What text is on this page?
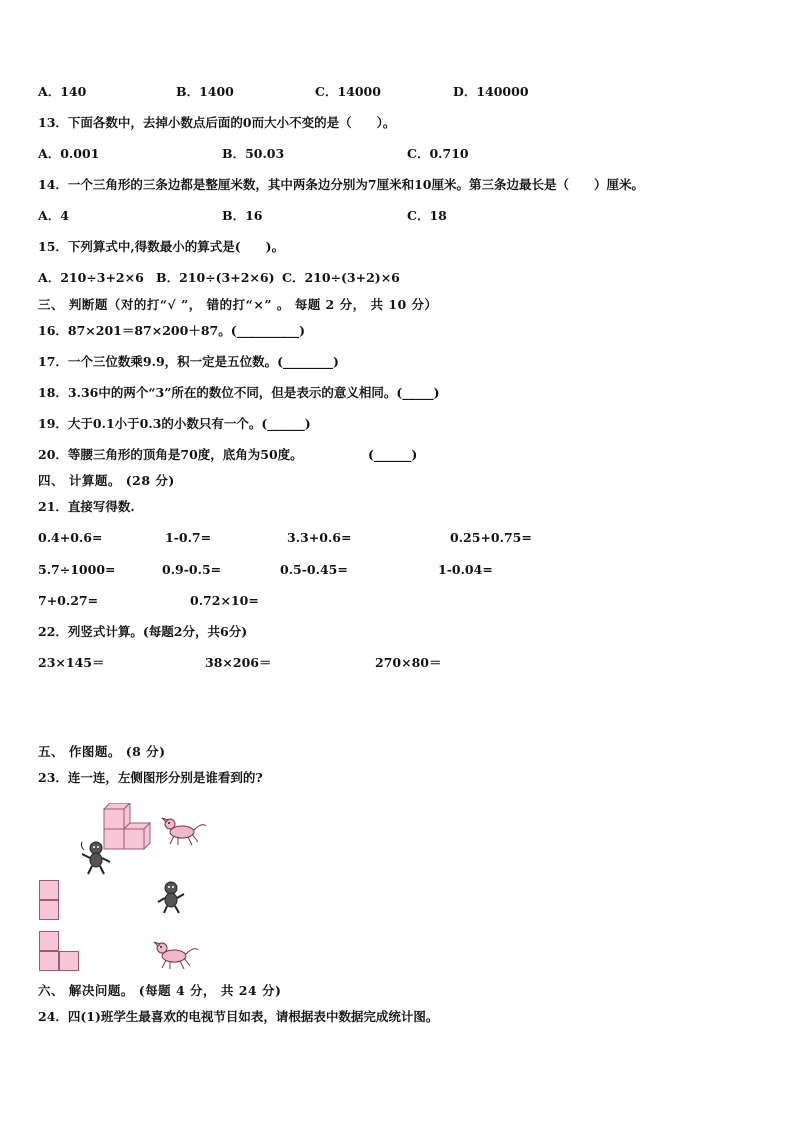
A．140	B．1400	C．14000	D．140000
13．下面各数中，去掉小数点后面的0而大小不变的是（　　）。
A．0.001	B．50.03	C．0.710
14．一个三角形的三条边都是整厘米数，其中两条边分别为7厘米和10厘米。第三条边最长是（　　）厘米。
A．4	B．16	C．18
15．下列算式中,得数最小的算式是(　　)。
A．210÷3+2×6 B．210÷(3+2×6) C．210÷(3+2)×6
三、 判断题（对的打“√ ”， 错的打“×” 。 每题 2 分， 共 10 分）
16．87×201＝87×200＋87。(__________)
17．一个三位数乘9.9，积一定是五位数。(________)
18．3.36中的两个“3”所在的数位不同，但是表示的意义相同。(_____)
19．大于0.1小于0.3的小数只有一个。(______)
20．等腰三角形的顶角是70度，底角为50度。	(______)
四、 计算题。 (28 分)
21．直接写得数.
0.4+0.6=	1-0.7=	3.3+0.6=	0.25+0.75=
5.7÷1000=	0.9-0.5=	0.5-0.45=	1-0.04=
7+0.27=	0.72×10=
22．列竖式计算。(每题2分，共6分)
23×145＝	38×206＝	270×80＝
五、 作图题。 (8 分)
23．连一连，左侧图形分别是谁看到的?
六、 解决问题。 (每题 4 分， 共 24 分)
24．四(1)班学生最喜欢的电视节目如表，请根据表中数据完成统计图。
